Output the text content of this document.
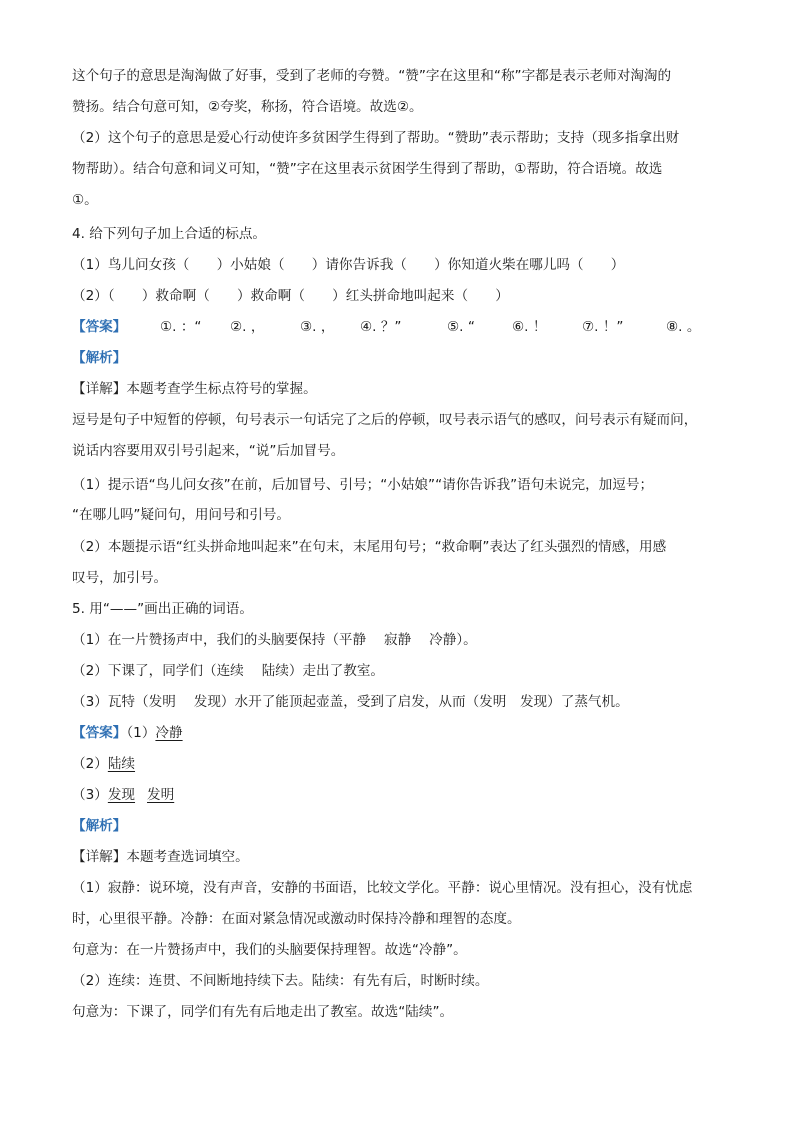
这个句子的意思是淘淘做了好事，受到了老师的夸赞。“赞”字在这里和“称”字都是表示老师对淘淘的
赞扬。结合句意可知，②夸奖，称扬，符合语境。故选②。
（2）这个句子的意思是爱心行动使许多贫困学生得到了帮助。“赞助”表示帮助；支持（现多指拿出财
物帮助）。结合句意和词义可知，“赞”字在这里表示贫困学生得到了帮助，①帮助，符合语境。故选
①。
4. 给下列句子加上合适的标点。
（1）鸟儿问女孩（　　）小姑娘（　　）请你告诉我（　　）你知道火柴在哪儿吗（　　）
（2）（　　）救命啊（　　）救命啊（　　）红头拼命地叫起来（　　）
【答案】 ①. ：“ ②. ，	③. ， ④. ？”	⑤. “	⑥. ！	⑦. ！”	⑧. 。
【解析】
【详解】本题考查学生标点符号的掌握。
逗号是句子中短暂的停顿，句号表示一句话完了之后的停顿，叹号表示语气的感叹，问号表示有疑而问，
说话内容要用双引号引起来，“说”后加冒号。
（1）提示语“鸟儿问女孩”在前，后加冒号、引号；“小姑娘”“请你告诉我”语句未说完，加逗号；
“在哪儿吗”疑问句，用问号和引号。
（2）本题提示语“红头拼命地叫起来”在句末，末尾用句号；“救命啊”表达了红头强烈的情感，用感
叹号，加引号。
5. 用“——”画出正确的词语。
（1）在一片赞扬声中，我们的头脑要保持（平静　 寂静　 冷静）。
（2）下课了，同学们（连续　 陆续）走出了教室。
（3）瓦特（发明　 发现）水开了能顶起壶盖，受到了启发，从而（发明　发现）了蒸气机。
【答案】（1）冷静
（2）陆续
（3）发现 发明
【解析】
【详解】本题考查选词填空。
（1）寂静：说环境，没有声音，安静的书面语，比较文学化。平静：说心里情况。没有担心，没有忧虑
时，心里很平静。冷静：在面对紧急情况或激动时保持冷静和理智的态度。
句意为：在一片赞扬声中，我们的头脑要保持理智。故选“冷静”。
（2）连续：连贯、不间断地持续下去。陆续：有先有后，时断时续。
句意为：下课了，同学们有先有后地走出了教室。故选“陆续”。
